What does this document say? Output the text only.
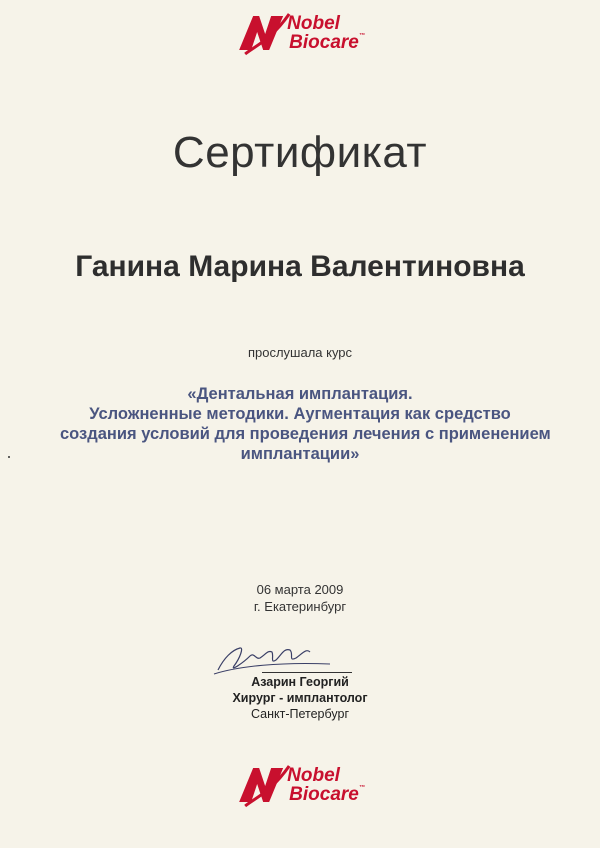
Nobel
Biocare™
Сертификат
Ганина Марина Валентиновна
прослушала курс
«Дентальная имплантация.
Усложненные методики. Аугментация как средство
создания условий для проведения лечения с применением
имплантации»
06 марта 2009
г. Екатеринбург
Азарин Георгий
Хирург - имплантолог
Санкт-Петербург
Nobel
Biocare™
